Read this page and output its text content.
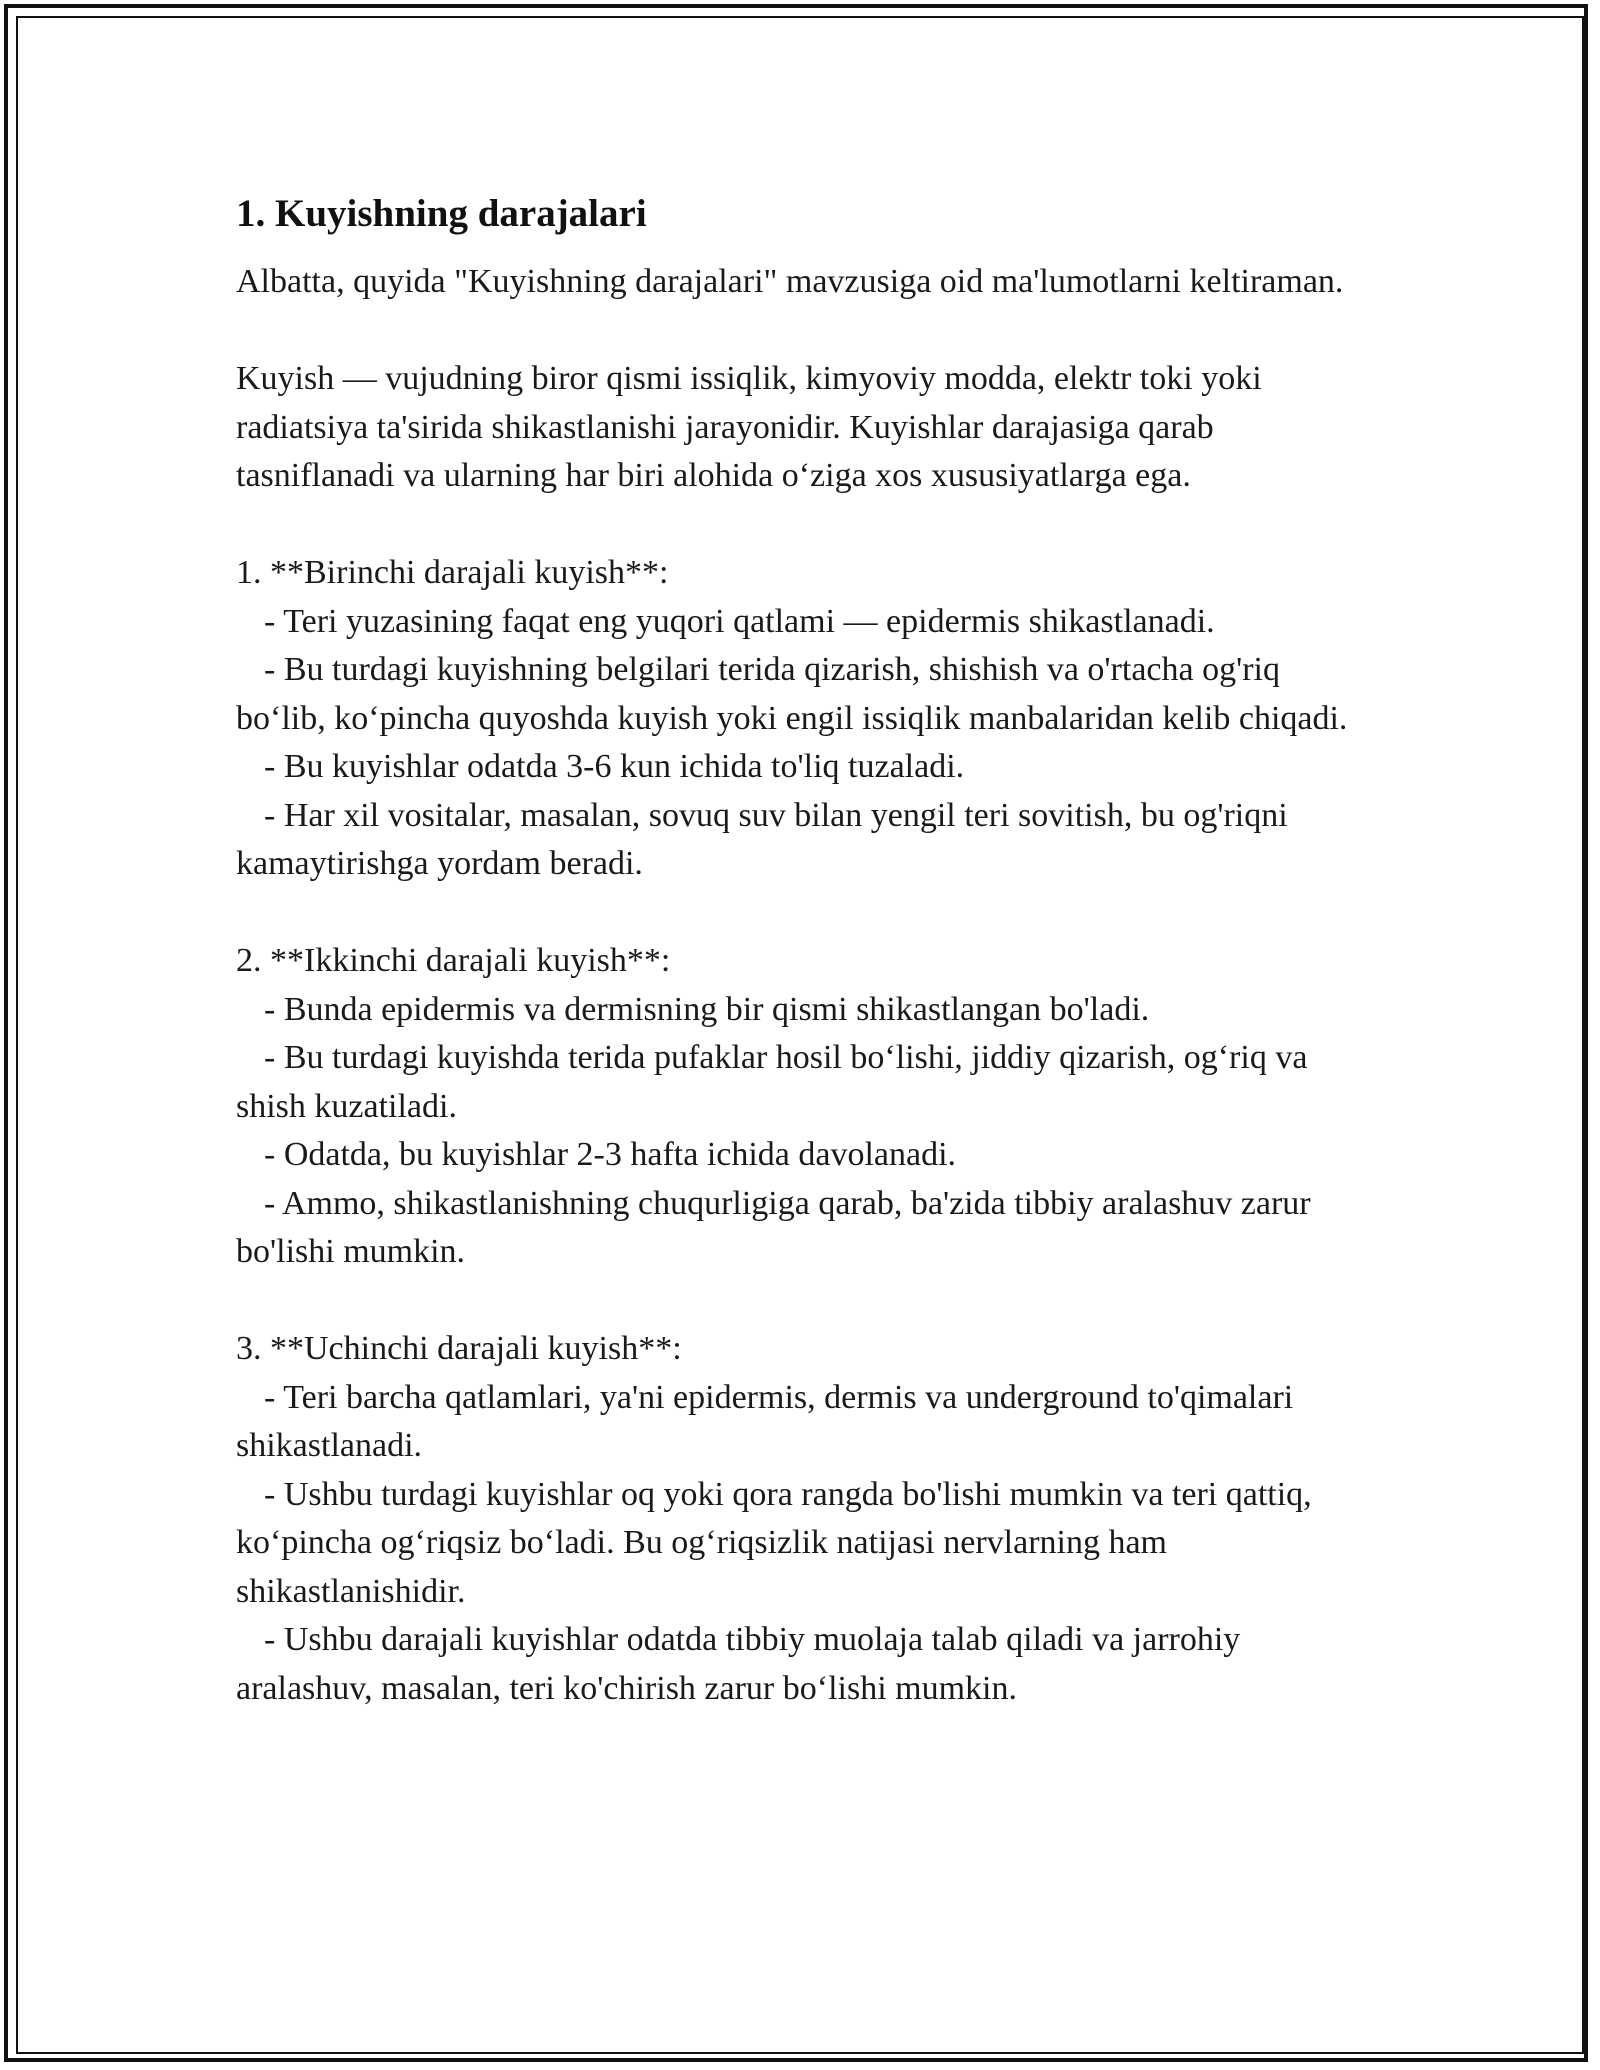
1. Kuyishning darajalari

Albatta, quyida "Kuyishning darajalari" mavzusiga oid ma'lumotlarni keltiraman.

Kuyish — vujudning biror qismi issiqlik, kimyoviy modda, elektr toki yoki radiatsiya ta'sirida shikastlanishi jarayonidir. Kuyishlar darajasiga qarab tasniflanadi va ularning har biri alohida o‘ziga xos xususiyatlarga ega.

1. **Birinchi darajali kuyish**:

- Teri yuzasining faqat eng yuqori qatlami — epidermis shikastlanadi.

- Bu turdagi kuyishning belgilari terida qizarish, shishish va o'rtacha og'riq bo‘lib, ko‘pincha quyoshda kuyish yoki engil issiqlik manbalaridan kelib chiqadi.

- Bu kuyishlar odatda 3-6 kun ichida to'liq tuzaladi.

- Har xil vositalar, masalan, sovuq suv bilan yengil teri sovitish, bu og'riqni kamaytirishga yordam beradi.

2. **Ikkinchi darajali kuyish**:

- Bunda epidermis va dermisning bir qismi shikastlangan bo'ladi.

- Bu turdagi kuyishda terida pufaklar hosil bo‘lishi, jiddiy qizarish, og‘riq va shish kuzatiladi.

- Odatda, bu kuyishlar 2-3 hafta ichida davolanadi.

- Ammo, shikastlanishning chuqurligiga qarab, ba'zida tibbiy aralashuv zarur bo'lishi mumkin.

3. **Uchinchi darajali kuyish**:

- Teri barcha qatlamlari, ya'ni epidermis, dermis va underground to'qimalari shikastlanadi.

- Ushbu turdagi kuyishlar oq yoki qora rangda bo'lishi mumkin va teri qattiq, ko‘pincha og‘riqsiz bo‘ladi. Bu og‘riqsizlik natijasi nervlarning ham shikastlanishidir.

- Ushbu darajali kuyishlar odatda tibbiy muolaja talab qiladi va jarrohiy aralashuv, masalan, teri ko'chirish zarur bo‘lishi mumkin.
